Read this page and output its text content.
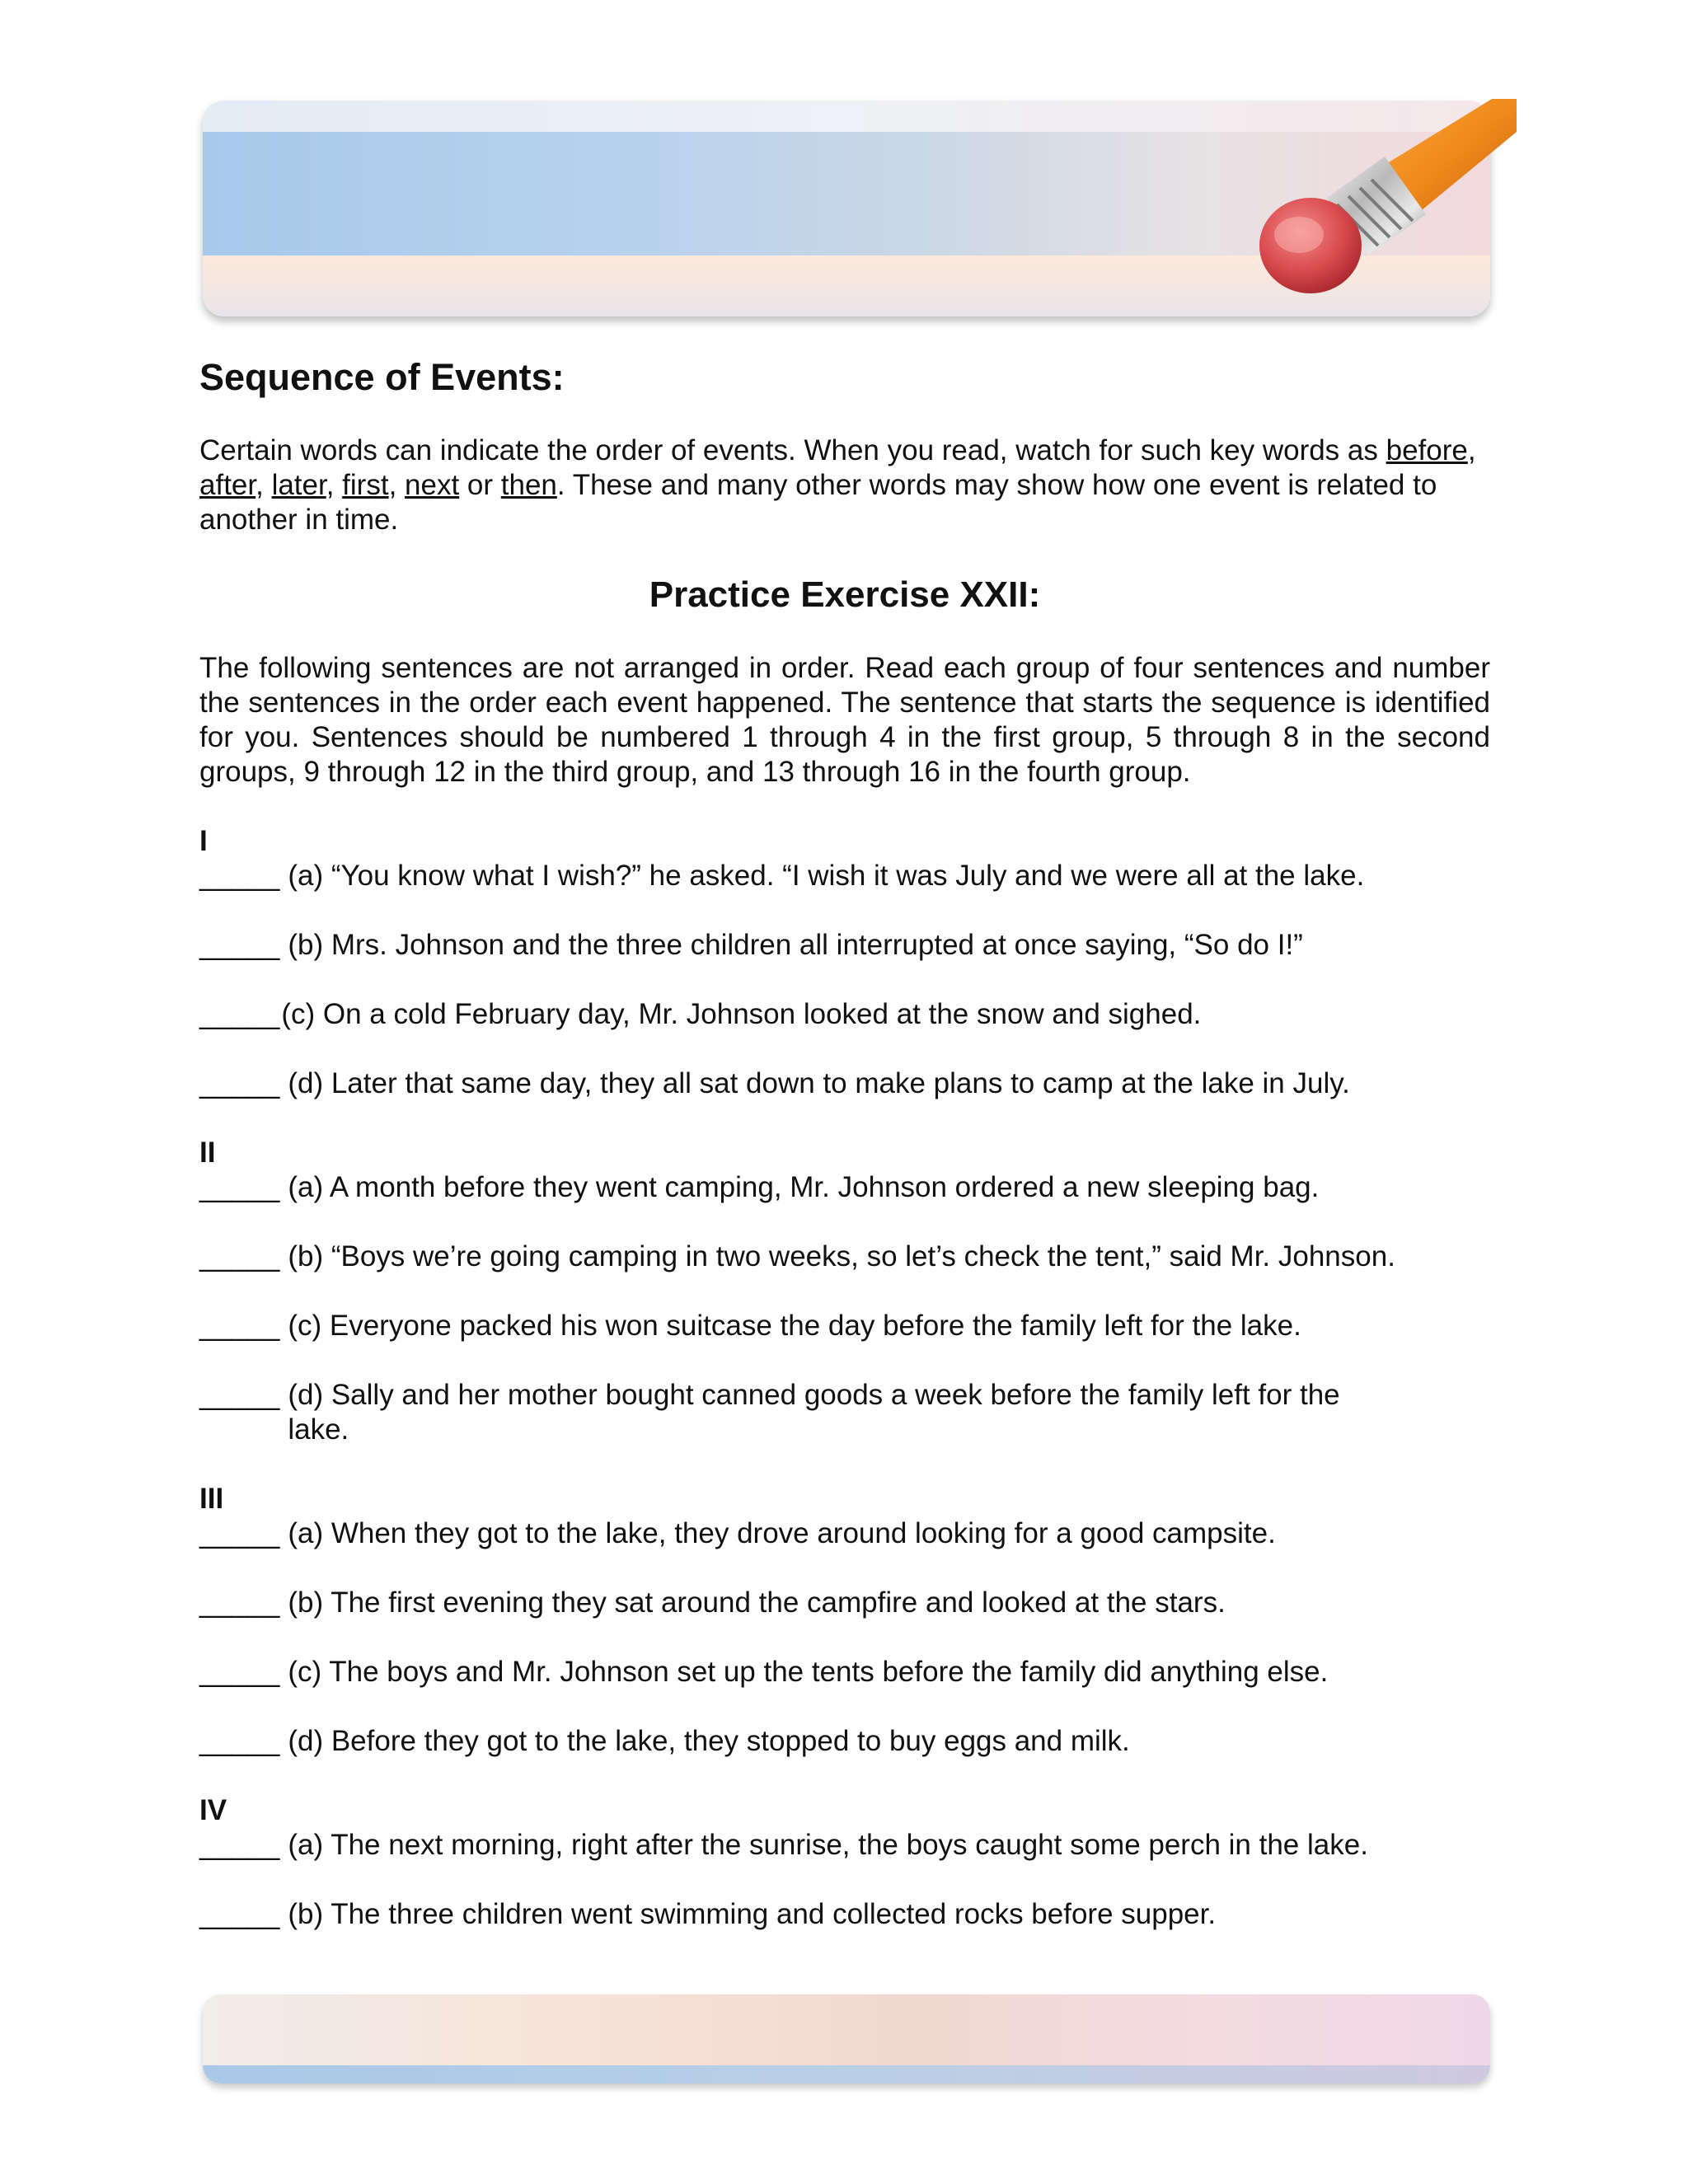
Sequence of Events:

Certain words can indicate the order of events. When you read, watch for such key words as before, after, later, first, next or then. These and many other words may show how one event is related to another in time.

Practice Exercise XXII:

The following sentences are not arranged in order. Read each group of four sentences and number the sentences in the order each event happened. The sentence that starts the sequence is identified for you. Sentences should be numbered 1 through 4 in the first group, 5 through 8 in the second groups, 9 through 12 in the third group, and 13 through 16 in the fourth group.

I
_____ (a) “You know what I wish?” he asked. “I wish it was July and we were all at the lake.
_____ (b) Mrs. Johnson and the three children all interrupted at once saying, “So do I!”
_____ (c) On a cold February day, Mr. Johnson looked at the snow and sighed.
_____ (d) Later that same day, they all sat down to make plans to camp at the lake in July.
II
_____ (a) A month before they went camping, Mr. Johnson ordered a new sleeping bag.
_____ (b) “Boys we’re going camping in two weeks, so let’s check the tent,” said Mr. Johnson.
_____ (c) Everyone packed his won suitcase the day before the family left for the lake.
_____ (d) Sally and her mother bought canned goods a week before the family left for the lake.
III
_____ (a) When they got to the lake, they drove around looking for a good campsite.
_____ (b) The first evening they sat around the campfire and looked at the stars.
_____ (c) The boys and Mr. Johnson set up the tents before the family did anything else.
_____ (d) Before they got to the lake, they stopped to buy eggs and milk.
IV
_____ (a) The next morning, right after the sunrise, the boys caught some perch in the lake.
_____ (b) The three children went swimming and collected rocks before supper.
